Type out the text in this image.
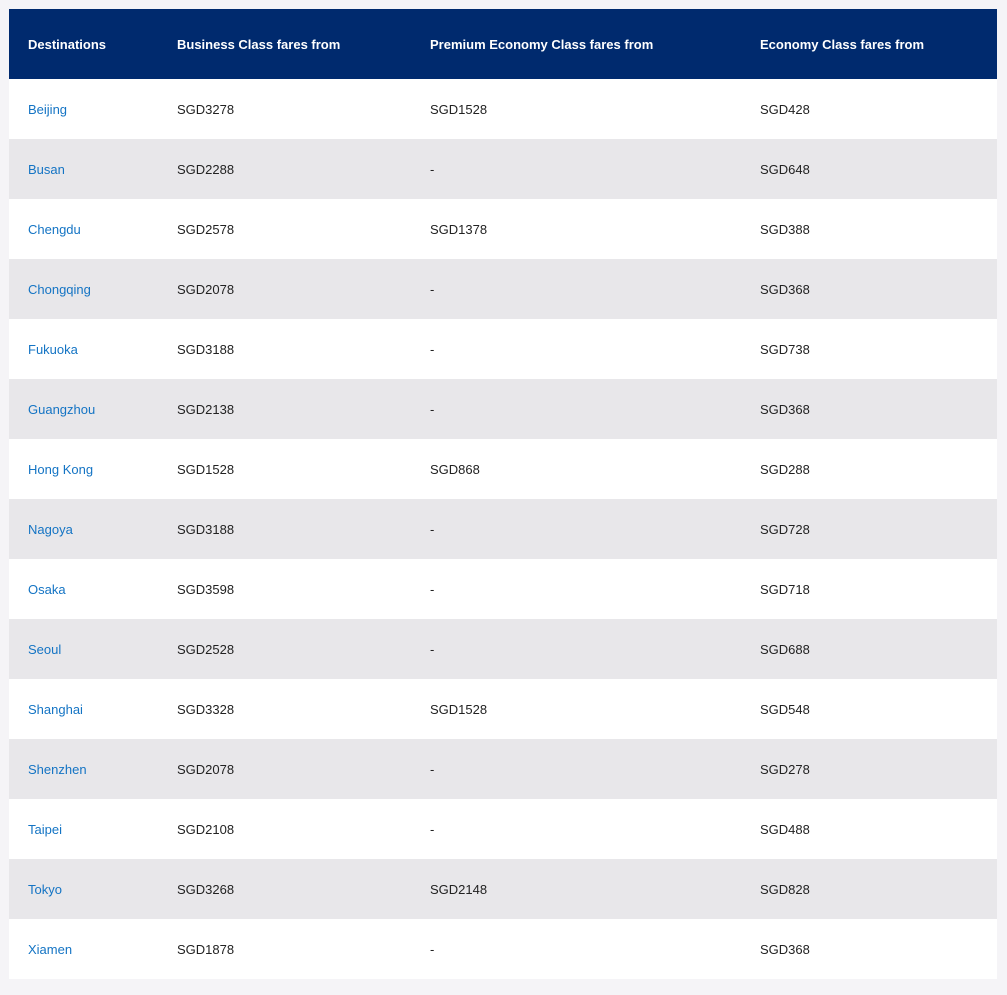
Destinations	Business Class fares from	Premium Economy Class fares from	Economy Class fares from
Beijing	SGD3278	SGD1528	SGD428
Busan	SGD2288	-	SGD648
Chengdu	SGD2578	SGD1378	SGD388
Chongqing	SGD2078	-	SGD368
Fukuoka	SGD3188	-	SGD738
Guangzhou	SGD2138	-	SGD368
Hong Kong	SGD1528	SGD868	SGD288
Nagoya	SGD3188	-	SGD728
Osaka	SGD3598	-	SGD718
Seoul	SGD2528	-	SGD688
Shanghai	SGD3328	SGD1528	SGD548
Shenzhen	SGD2078	-	SGD278
Taipei	SGD2108	-	SGD488
Tokyo	SGD3268	SGD2148	SGD828
Xiamen	SGD1878	-	SGD368
